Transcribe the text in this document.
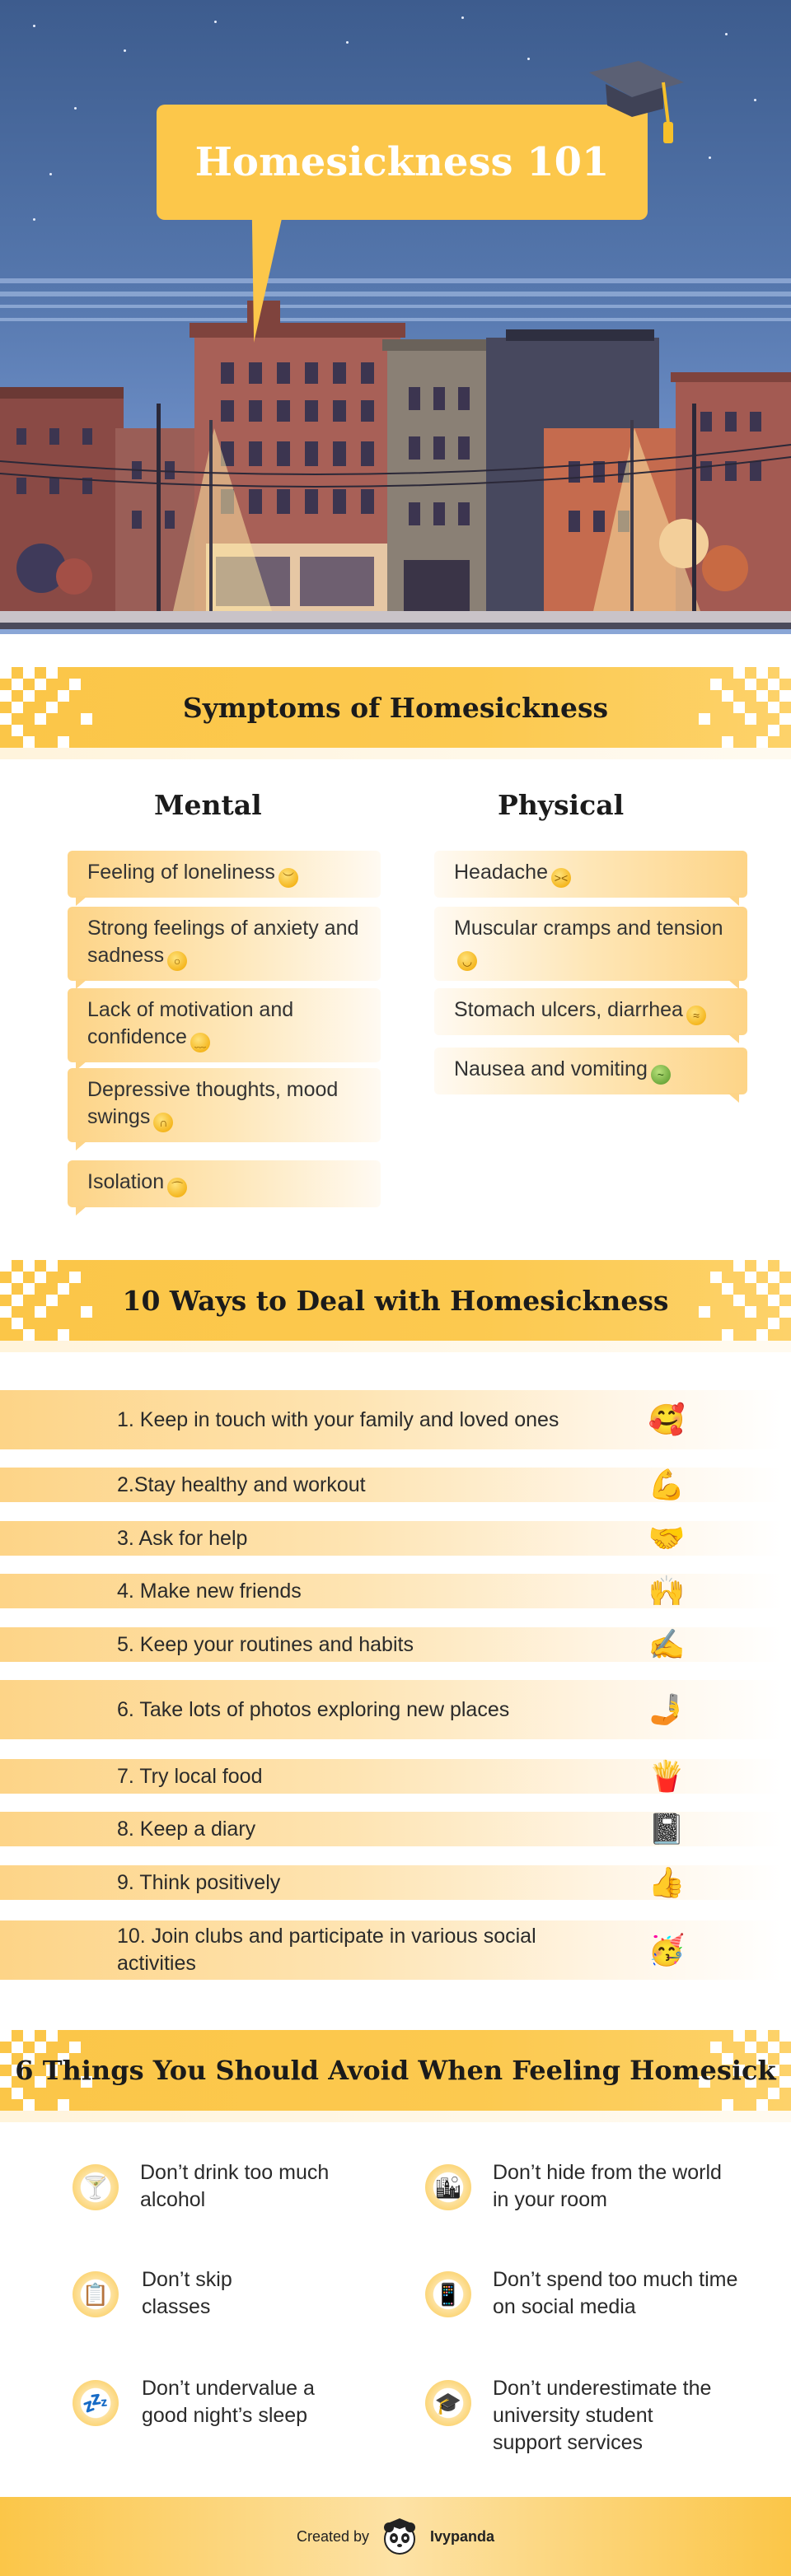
Homesickness 101
Symptoms of Homesickness
Mental	Physical
Feeling of loneliness ︶
Strong feelings of anxiety and sadness ○
Lack of motivation and confidence ﹏
Depressive thoughts, mood swings ∩
Isolation ⌒
Headache ><
Muscular cramps and tension◡
Stomach ulcers, diarrhea ≈
Nausea and vomiting ~
10 Ways to Deal with Homesickness
1. Keep in touch with your family and loved ones	🥰
2.Stay healthy and workout	💪
3. Ask for help	🤝
4. Make new friends	🙌
5. Keep your routines and habits	✍️
6. Take lots of photos exploring new places	🤳
7. Try local food	🍟
8. Keep a diary	📓
9. Think positively	👍
10. Join clubs and participate in various social activities	🥳
6 Things You Should Avoid When Feeling Homesick
🍸
Don’t drink too much alcohol
🏙
Don’t hide from the world in your room
📋
Don’t skip classes
📱
Don’t spend too much time on social media
💤
Don’t undervalue a good night’s sleep
🎓
Don’t underestimate the university student support services
Created by	Ivypanda
